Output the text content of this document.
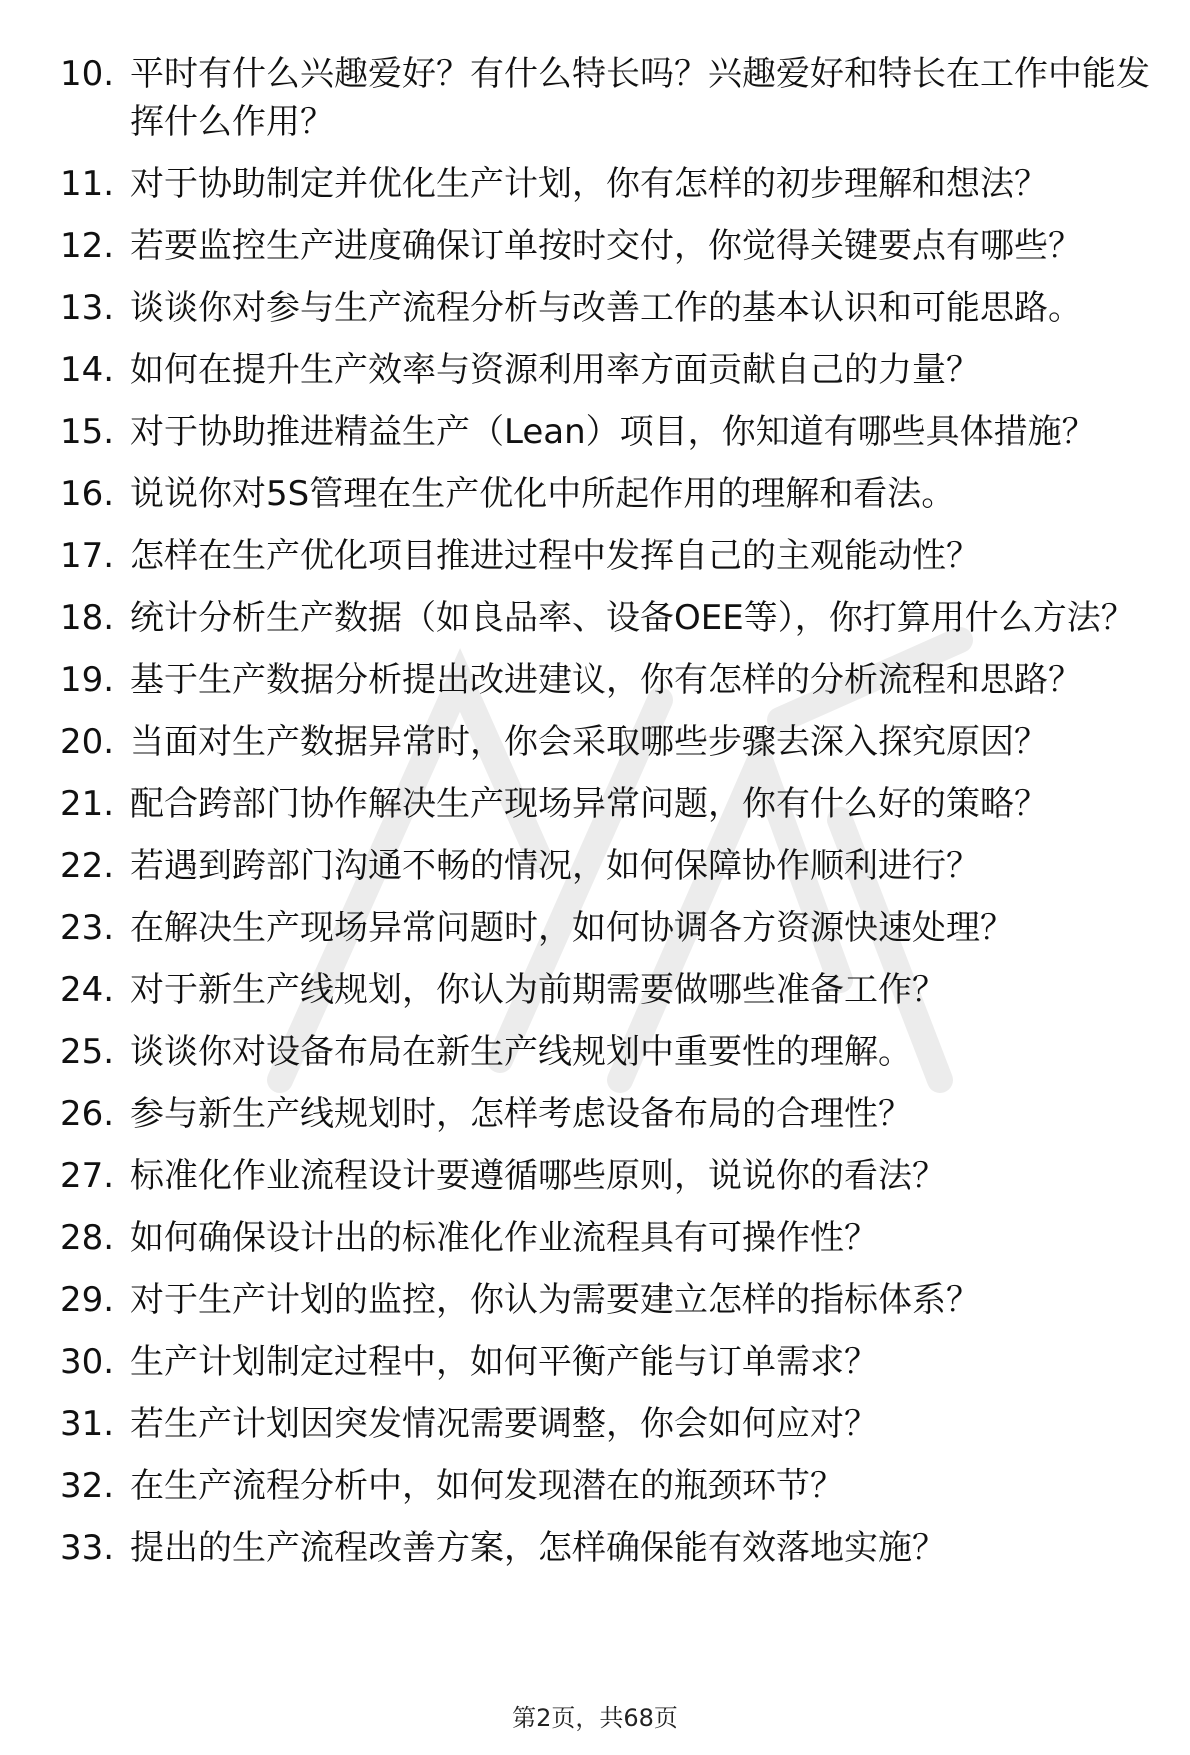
10. 平时有什么兴趣爱好？有什么特长吗？兴趣爱好和特长在工作中能发挥什么作用？
11. 对于协助制定并优化生产计划，你有怎样的初步理解和想法？
12. 若要监控生产进度确保订单按时交付，你觉得关键要点有哪些？
13. 谈谈你对参与生产流程分析与改善工作的基本认识和可能思路。
14. 如何在提升生产效率与资源利用率方面贡献自己的力量？
15. 对于协助推进精益生产（Lean）项目，你知道有哪些具体措施？
16. 说说你对5S管理在生产优化中所起作用的理解和看法。
17. 怎样在生产优化项目推进过程中发挥自己的主观能动性？
18. 统计分析生产数据（如良品率、设备OEE等），你打算用什么方法？
19. 基于生产数据分析提出改进建议，你有怎样的分析流程和思路？
20. 当面对生产数据异常时，你会采取哪些步骤去深入探究原因？
21. 配合跨部门协作解决生产现场异常问题，你有什么好的策略？
22. 若遇到跨部门沟通不畅的情况，如何保障协作顺利进行？
23. 在解决生产现场异常问题时，如何协调各方资源快速处理？
24. 对于新生产线规划，你认为前期需要做哪些准备工作？
25. 谈谈你对设备布局在新生产线规划中重要性的理解。
26. 参与新生产线规划时，怎样考虑设备布局的合理性？
27. 标准化作业流程设计要遵循哪些原则，说说你的看法？
28. 如何确保设计出的标准化作业流程具有可操作性？
29. 对于生产计划的监控，你认为需要建立怎样的指标体系？
30. 生产计划制定过程中，如何平衡产能与订单需求？
31. 若生产计划因突发情况需要调整，你会如何应对？
32. 在生产流程分析中，如何发现潜在的瓶颈环节？
33. 提出的生产流程改善方案，怎样确保能有效落地实施？
第2页，共68页
